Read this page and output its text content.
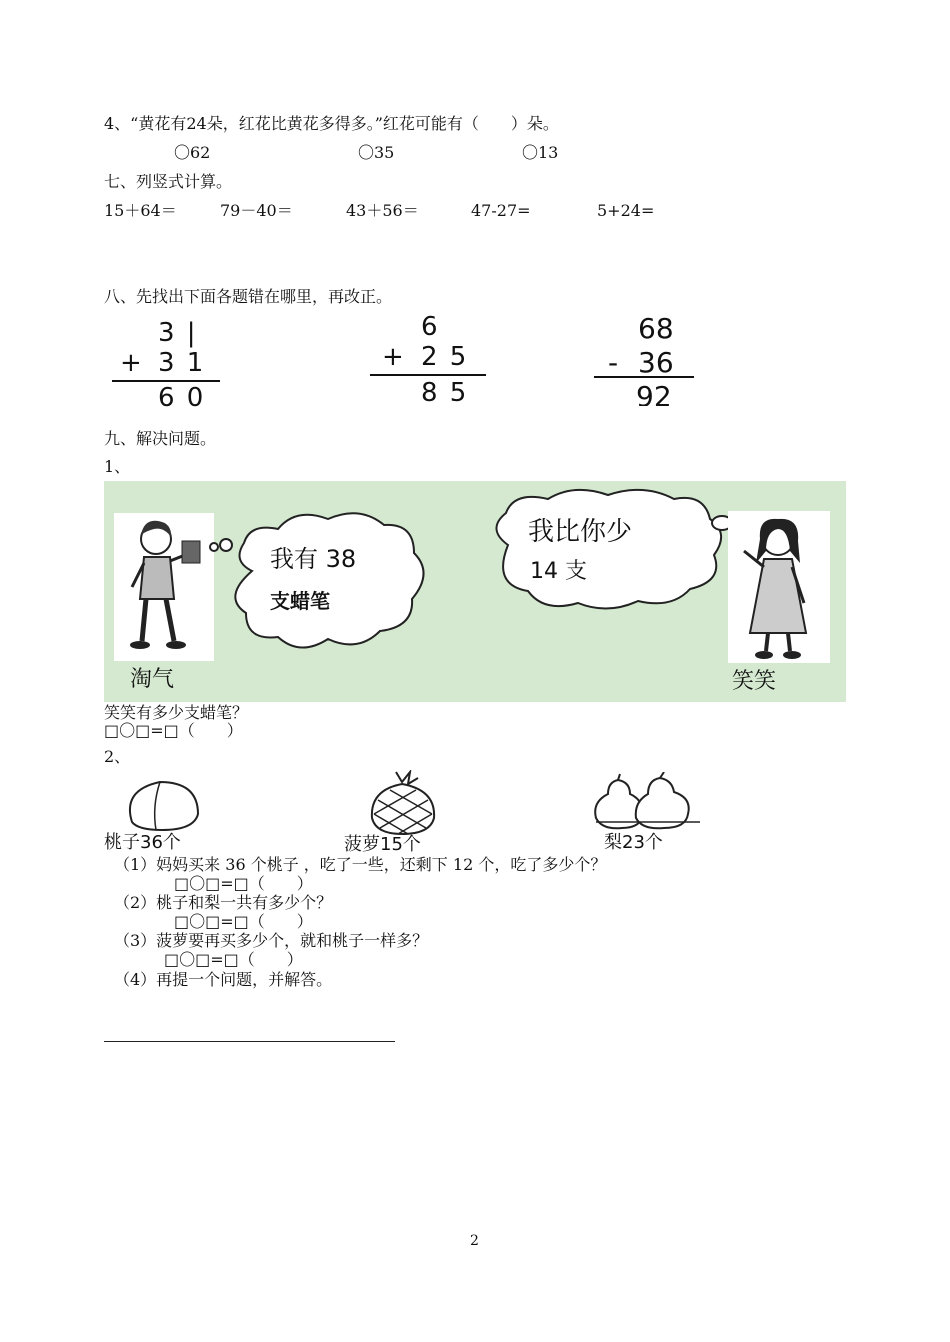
4、“黄花有24朵，红花比黄花多得多。”红花可能有（　　）朵。
〇62	〇35	〇13
七、列竖式计算。
15＋64＝	79－40＝	43＋56＝	47-27=	5+24=
八、先找出下面各题错在哪里，再改正。
3 |
+ 3 1
6 0
6
+ 2 5
8 5
68
- 36
92
九、解决问题。
1、
我有 38
支蜡笔
淘气
我比你少
14 支
笑笑
笑笑有多少支蜡笔？
□〇□=□（　　）
2、
桃子36个	菠萝15个	梨23个
（1）妈妈买来 36 个桃子 ，吃了一些，还剩下 12 个，吃了多少个？
□〇□=□（　　）
（2）桃子和梨一共有多少个？
□〇□=□（　　）
（3）菠萝要再买多少个，就和桃子一样多？
□〇□=□（　　）
（4）再提一个问题，并解答。
2
